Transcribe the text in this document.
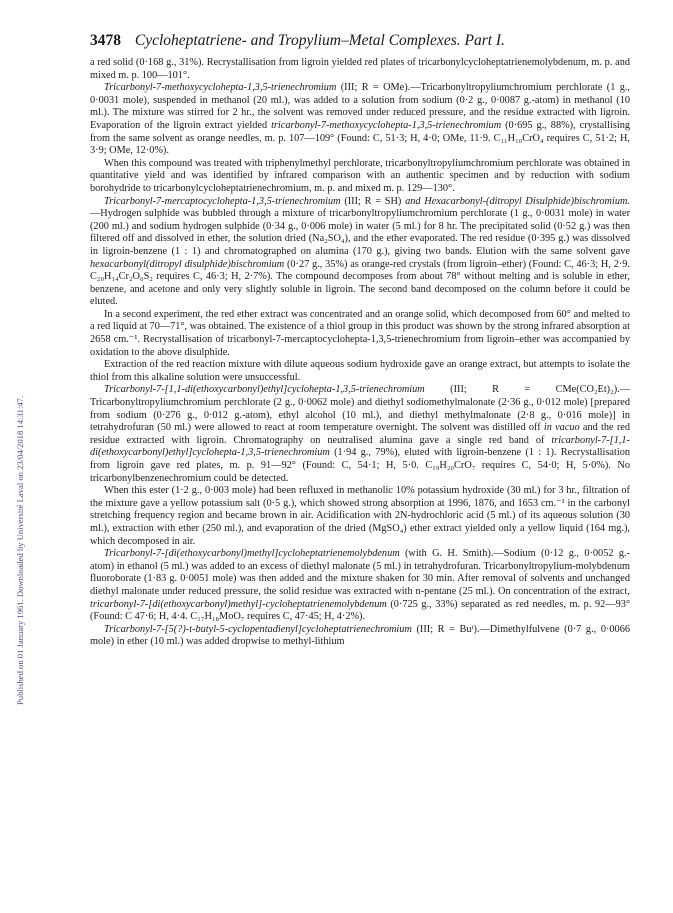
Published on 01 January 1961. Downloaded by Université Laval on 23/04/2018 14:31:47.
3478 Cycloheptatriene- and Tropylium–Metal Complexes. Part I.

a red solid (0·168 g., 31%). Recrystallisation from ligroin yielded red plates of tricarbonylcycloheptatrienemolybdenum, m. p. and mixed m. p. 100—101°.

Tricarbonyl-7-methoxycyclohepta-1,3,5-trienechromium (III; R = OMe).—Tricarbonyltropyliumchromium perchlorate (1 g., 0·0031 mole), suspended in methanol (20 ml.), was added to a solution from sodium (0·2 g., 0·0087 g.-atom) in methanol (10 ml.). The mixture was stirred for 2 hr., the solvent was removed under reduced pressure, and the residue extracted with ligroin. Evaporation of the ligroin extract yielded tricarbonyl-7-methoxycyclohepta-1,3,5-trienechromium (0·695 g., 88%), crystallising from the same solvent as orange needles, m. p. 107—109° (Found: C, 51·3; H, 4·0; OMe, 11·9. C₁₁H₁₀CrO₄ requires C, 51·2; H, 3·9; OMe, 12·0%).

When this compound was treated with triphenylmethyl perchlorate, tricarbonyltropyliumchromium perchlorate was obtained in quantitative yield and was identified by infrared comparison with an authentic specimen and by reduction with sodium borohydride to tricarbonylcycloheptatrienechromium, m. p. and mixed m. p. 129—130°.

Tricarbonyl-7-mercaptocyclohepta-1,3,5-trienechromium (III; R = SH) and Hexacarbonyl-(ditropyl Disulphide)bischromium.—Hydrogen sulphide was bubbled through a mixture of tricarbonyltropyliumchromium perchlorate (1 g., 0·0031 mole) in water (200 ml.) and sodium hydrogen sulphide (0·34 g., 0·006 mole) in water (5 ml.) for 8 hr. The precipitated solid (0·52 g.) was then filtered off and dissolved in ether, the solution dried (Na₂SO₄), and the ether evaporated. The red residue (0·395 g.) was dissolved in ligroin-benzene (1 : 1) and chromatographed on alumina (170 g.), giving two bands. Elution with the same solvent gave hexacarbonyl(ditropyl disulphide)bischromium (0·27 g., 35%) as orange-red crystals (from ligroin–ether) (Found: C, 46·3; H, 2·9. C₂₀H₁₄Cr₂O₆S₂ requires C, 46·3; H, 2·7%). The compound decomposes from about 78° without melting and is soluble in ether, benzene, and acetone and only very slightly soluble in ligroin. The second band decomposed on the column before it could be eluted.

In a second experiment, the red ether extract was concentrated and an orange solid, which decomposed from 60° and melted to a red liquid at 70—71°, was obtained. The existence of a thiol group in this product was shown by the strong infrared absorption at 2658 cm.⁻¹. Recrystallisation of tricarbonyl-7-mercaptocyclohepta-1,3,5-trienechromium from ligroin–ether was accompanied by oxidation to the above disulphide.

Extraction of the red reaction mixture with dilute aqueous sodium hydroxide gave an orange extract, but attempts to isolate the thiol from this alkaline solution were unsuccessful.

Tricarbonyl-7-[1,1-di(ethoxycarbonyl)ethyl]cyclohepta-1,3,5-trienechromium (III; R = CMe(CO₂Et)₂).—Tricarbonyltropyliumchromium perchlorate (2 g., 0·0062 mole) and diethyl sodiomethylmalonate (2·36 g., 0·012 mole) [prepared from sodium (0·276 g., 0·012 g.-atom), ethyl alcohol (10 ml.), and diethyl methylmalonate (2·8 g., 0·016 mole)] in tetrahydrofuran (50 ml.) were allowed to react at room temperature overnight. The solvent was distilled off in vacuo and the red residue extracted with ligroin. Chromatography on neutralised alumina gave a single red band of tricarbonyl-7-[1,1-di(ethoxycarbonyl)ethyl]cyclohepta-1,3,5-trienechromium (1·94 g., 79%), eluted with ligroin-benzene (1 : 1). Recrystallisation from ligroin gave red plates, m. p. 91—92° (Found: C, 54·1; H, 5·0. C₁₉H₂₀CrO₇ requires C, 54·0; H, 5·0%). No tricarbonylbenzenechromium could be detected.

When this ester (1·2 g., 0·003 mole) had been refluxed in methanolic 10% potassium hydroxide (30 ml.) for 3 hr., filtration of the mixture gave a yellow potassium salt (0·5 g.), which showed strong absorption at 1996, 1876, and 1653 cm.⁻¹ in the carbonyl stretching frequency region and became brown in air. Acidification with 2N-hydrochloric acid (5 ml.) of its aqueous solution (30 ml.), extraction with ether (250 ml.), and evaporation of the dried (MgSO₄) ether extract yielded only a yellow liquid (164 mg.), which decomposed in air.

Tricarbonyl-7-[di(ethoxycarbonyl)methyl]cycloheptatrienemolybdenum (with G. H. Smith).—Sodium (0·12 g., 0·0052 g.-atom) in ethanol (5 ml.) was added to an excess of diethyl malonate (5 ml.) in tetrahydrofuran. Tricarbonyltropylium-molybdenum fluoroborate (1·83 g. 0·0051 mole) was then added and the mixture shaken for 30 min. After removal of solvents and unchanged diethyl malonate under reduced pressure, the solid residue was extracted with n-pentane (25 ml.). On concentration of the extract, tricarbonyl-7-[di(ethoxycarbonyl)methyl]-cycloheptatrienemolybdenum (0·725 g., 33%) separated as red needles, m. p. 92—93° (Found: C 47·6; H, 4·4. C₁₇H₁₈MoO₇ requires C, 47·45; H, 4·2%).

Tricarbonyl-7-[5(?)-t-butyl-5-cyclopentadienyl]cycloheptatrienechromium (III; R = Buᵗ).—Dimethylfulvene (0·7 g., 0·0066 mole) in ether (10 ml.) was added dropwise to methyl-lithium
